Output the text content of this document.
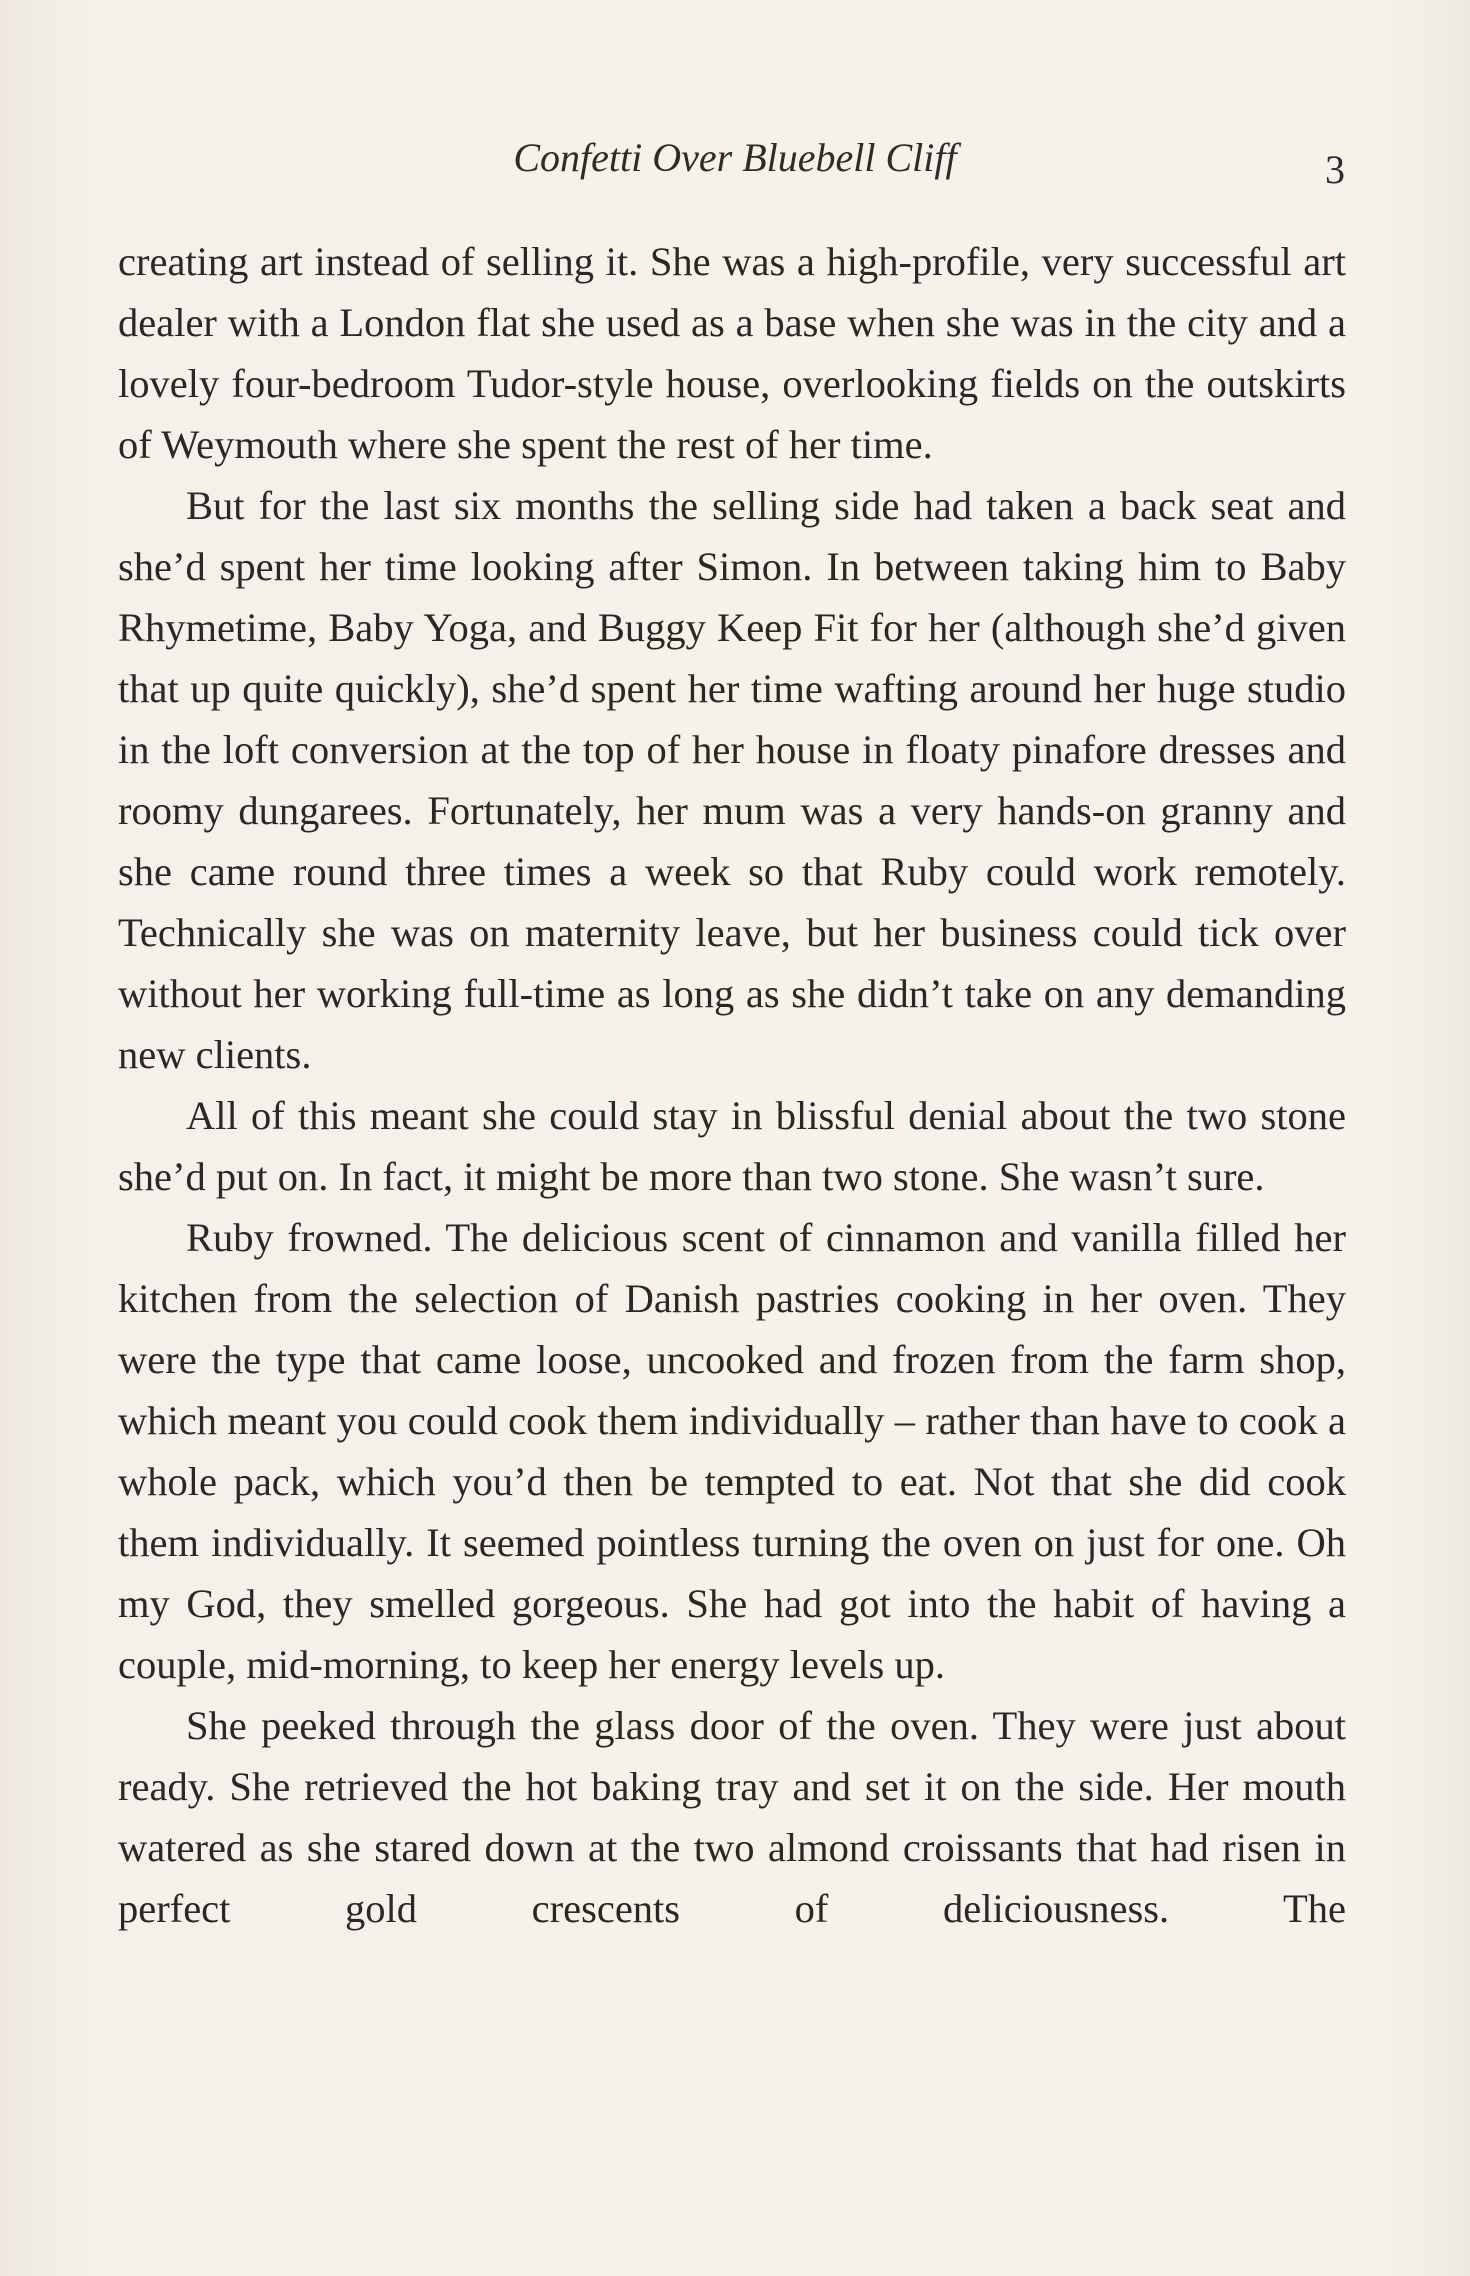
Confetti Over Bluebell Cliff	3

creating art instead of selling it. She was a high-profile, very successful art dealer with a London flat she used as a base when she was in the city and a lovely four-bedroom Tudor-style house, overlooking fields on the outskirts of Weymouth where she spent the rest of her time.

But for the last six months the selling side had taken a back seat and she’d spent her time looking after Simon. In between taking him to Baby Rhymetime, Baby Yoga, and Buggy Keep Fit for her (although she’d given that up quite quickly), she’d spent her time wafting around her huge studio in the loft conversion at the top of her house in floaty pinafore dresses and roomy dungarees. Fortunately, her mum was a very hands-on granny and she came round three times a week so that Ruby could work remotely. Technically she was on maternity leave, but her business could tick over without her working full-time as long as she didn’t take on any demanding new clients.

All of this meant she could stay in blissful denial about the two stone she’d put on. In fact, it might be more than two stone. She wasn’t sure.

Ruby frowned. The delicious scent of cinnamon and vanilla filled her kitchen from the selection of Danish pastries cooking in her oven. They were the type that came loose, uncooked and frozen from the farm shop, which meant you could cook them individually – rather than have to cook a whole pack, which you’d then be tempted to eat. Not that she did cook them individually. It seemed pointless turning the oven on just for one. Oh my God, they smelled gorgeous. She had got into the habit of having a couple, mid-morning, to keep her energy levels up.

She peeked through the glass door of the oven. They were just about ready. She retrieved the hot baking tray and set it on the side. Her mouth watered as she stared down at the two almond croissants that had risen in perfect gold crescents of deliciousness. The
